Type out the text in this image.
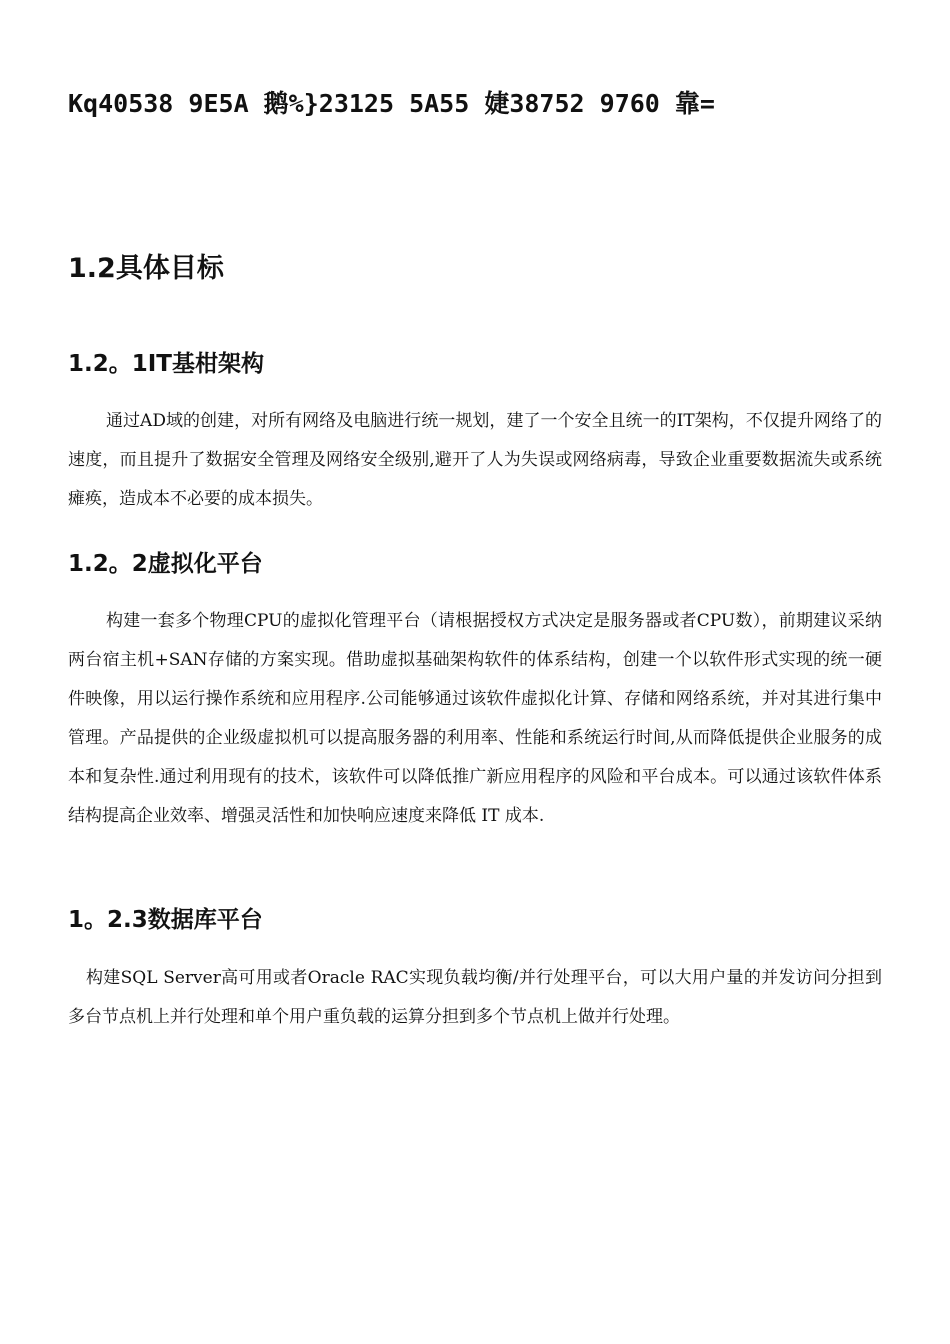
Kq40538 9E5A 鹅%}23125 5A55 婕38752 9760 靠=
1.2具体目标
1.2。1IT基柑架构

通过AD域的创建，对所有网络及电脑进行统一规划，建了一个安全且统一的IT架构，不仅提升网络了的速度，而且提升了数据安全管理及网络安全级别,避开了人为失误或网络病毒，导致企业重要数据流失或系统瘫痪，造成本不必要的成本损失。

1.2。2虚拟化平台

构建一套多个物理CPU的虚拟化管理平台（请根据授权方式决定是服务器或者CPU数），前期建议采纳两台宿主机+SAN存储的方案实现。借助虚拟基础架构软件的体系结构，创建一个以软件形式实现的统一硬件映像，用以运行操作系统和应用程序.公司能够通过该软件虚拟化计算、存储和网络系统，并对其进行集中管理。产品提供的企业级虚拟机可以提高服务器的利用率、性能和系统运行时间,从而降低提供企业服务的成本和复杂性.通过利用现有的技术，该软件可以降低推广新应用程序的风险和平台成本。可以通过该软件体系结构提高企业效率、增强灵活性和加快响应速度来降低 IT 成本.

1。2.3数据库平台

构建SQL Server高可用或者Oracle RAC实现负载均衡/并行处理平台，可以大用户量的并发访问分担到多台节点机上并行处理和单个用户重负载的运算分担到多个节点机上做并行处理。
